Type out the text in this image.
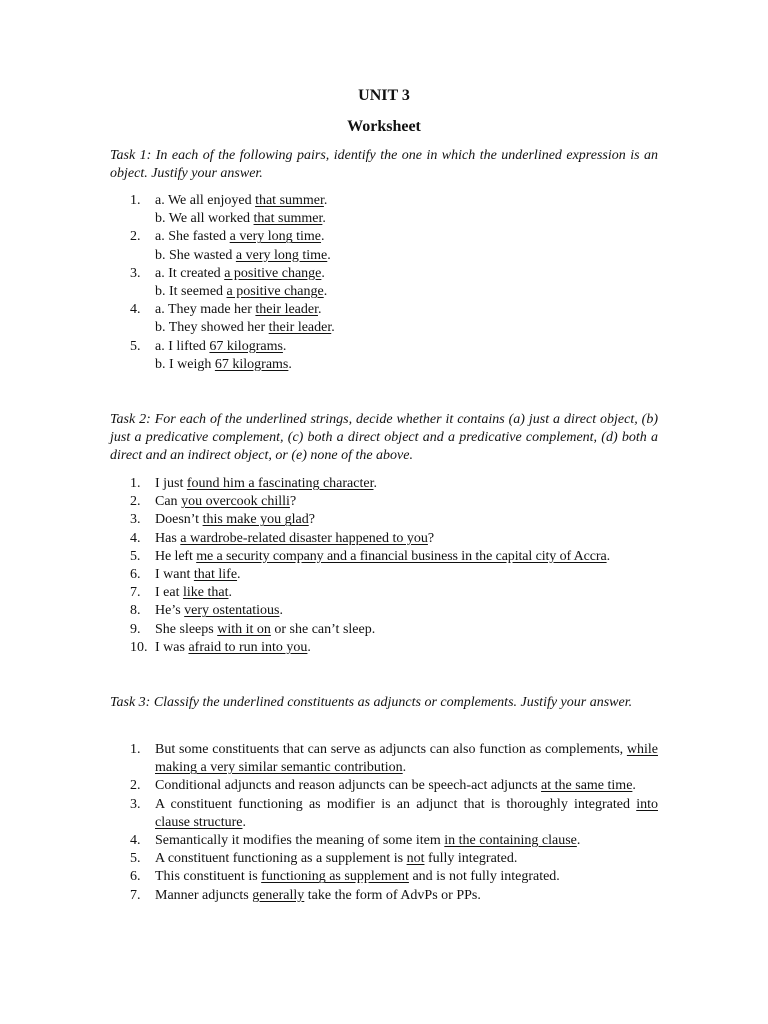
UNIT 3
Worksheet
Task 1: In each of the following pairs, identify the one in which the underlined expression is an object. Justify your answer.
1. a. We all enjoyed that summer.
b. We all worked that summer.
2. a. She fasted a very long time.
b. She wasted a very long time.
3. a. It created a positive change.
b. It seemed a positive change.
4. a. They made her their leader.
b. They showed her their leader.
5. a. I lifted 67 kilograms.
b. I weigh 67 kilograms.
Task 2: For each of the underlined strings, decide whether it contains (a) just a direct object, (b) just a predicative complement, (c) both a direct object and a predicative complement, (d) both a direct and an indirect object, or (e) none of the above.
1. I just found him a fascinating character.
2. Can you overcook chilli?
3. Doesn’t this make you glad?
4. Has a wardrobe-related disaster happened to you?
5. He left me a security company and a financial business in the capital city of Accra.
6. I want that life.
7. I eat like that.
8. He’s very ostentatious.
9. She sleeps with it on or she can’t sleep.
10. I was afraid to run into you.
Task 3: Classify the underlined constituents as adjuncts or complements. Justify your answer.
1. But some constituents that can serve as adjuncts can also function as complements, while making a very similar semantic contribution.
2. Conditional adjuncts and reason adjuncts can be speech-act adjuncts at the same time.
3. A constituent functioning as modifier is an adjunct that is thoroughly integrated into clause structure.
4. Semantically it modifies the meaning of some item in the containing clause.
5. A constituent functioning as a supplement is not fully integrated.
6. This constituent is functioning as supplement and is not fully integrated.
7. Manner adjuncts generally take the form of AdvPs or PPs.
